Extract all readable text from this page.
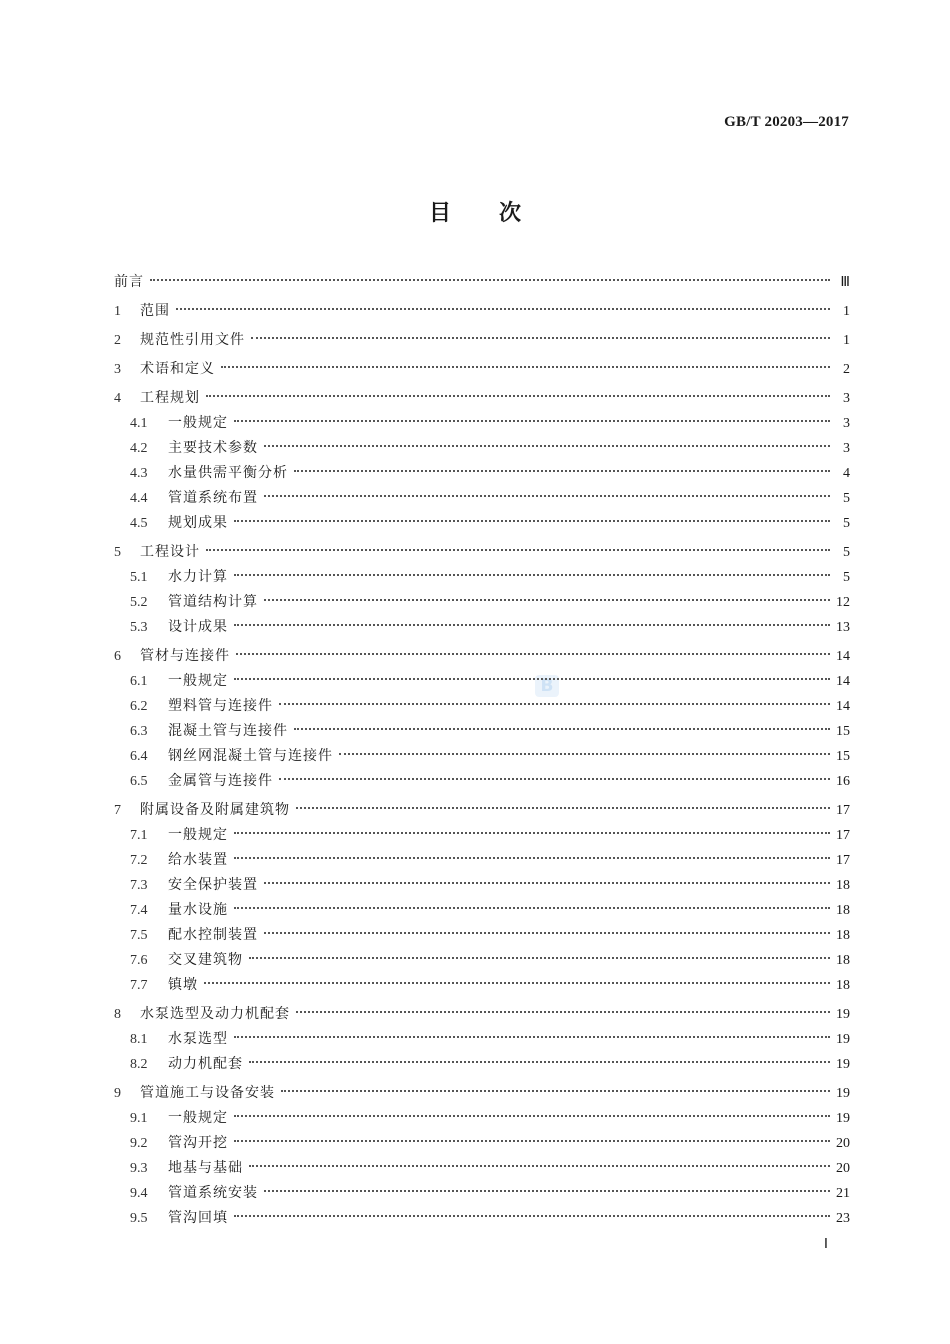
GB/T 20203—2017
目 次
B
前言	Ⅲ
1	范围	1
2	规范性引用文件	1
3	术语和定义	2
4	工程规划	3
4.1	一般规定	3
4.2	主要技术参数	3
4.3	水量供需平衡分析	4
4.4	管道系统布置	5
4.5	规划成果	5
5	工程设计	5
5.1	水力计算	5
5.2	管道结构计算	12
5.3	设计成果	13
6	管材与连接件	14
6.1	一般规定	14
6.2	塑料管与连接件	14
6.3	混凝土管与连接件	15
6.4	钢丝网混凝土管与连接件	15
6.5	金属管与连接件	16
7	附属设备及附属建筑物	17
7.1	一般规定	17
7.2	给水装置	17
7.3	安全保护装置	18
7.4	量水设施	18
7.5	配水控制装置	18
7.6	交叉建筑物	18
7.7	镇墩	18
8	水泵选型及动力机配套	19
8.1	水泵选型	19
8.2	动力机配套	19
9	管道施工与设备安装	19
9.1	一般规定	19
9.2	管沟开挖	20
9.3	地基与基础	20
9.4	管道系统安装	21
9.5	管沟回填	23
Ⅰ
